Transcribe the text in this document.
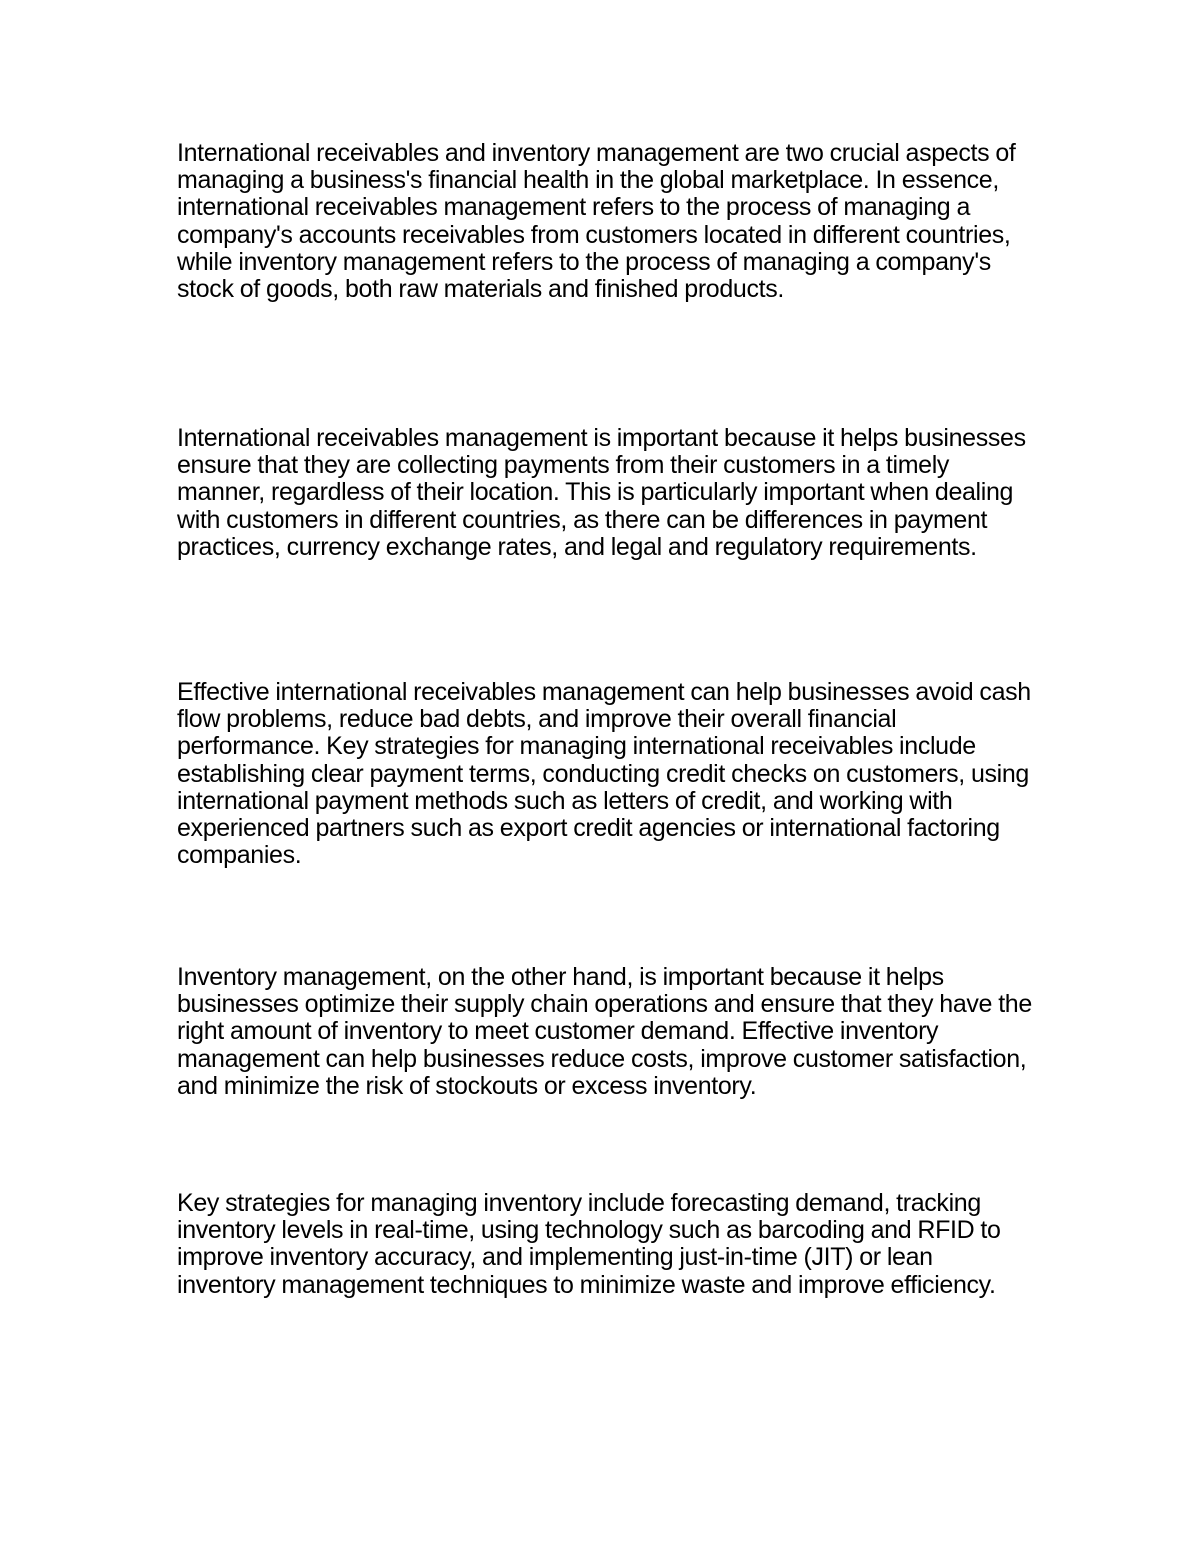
International receivables and inventory management are two crucial aspects of managing a business's financial health in the global marketplace. In essence, international receivables management refers to the process of managing a company's accounts receivables from customers located in different countries, while inventory management refers to the process of managing a company's stock of goods, both raw materials and finished products.

International receivables management is important because it helps businesses ensure that they are collecting payments from their customers in a timely manner, regardless of their location. This is particularly important when dealing with customers in different countries, as there can be differences in payment practices, currency exchange rates, and legal and regulatory requirements.

Effective international receivables management can help businesses avoid cash flow problems, reduce bad debts, and improve their overall financial performance. Key strategies for managing international receivables include establishing clear payment terms, conducting credit checks on customers, using international payment methods such as letters of credit, and working with experienced partners such as export credit agencies or international factoring companies.

Inventory management, on the other hand, is important because it helps businesses optimize their supply chain operations and ensure that they have the right amount of inventory to meet customer demand. Effective inventory management can help businesses reduce costs, improve customer satisfaction, and minimize the risk of stockouts or excess inventory.

Key strategies for managing inventory include forecasting demand, tracking inventory levels in real-time, using technology such as barcoding and RFID to improve inventory accuracy, and implementing just-in-time (JIT) or lean inventory management techniques to minimize waste and improve efficiency.
